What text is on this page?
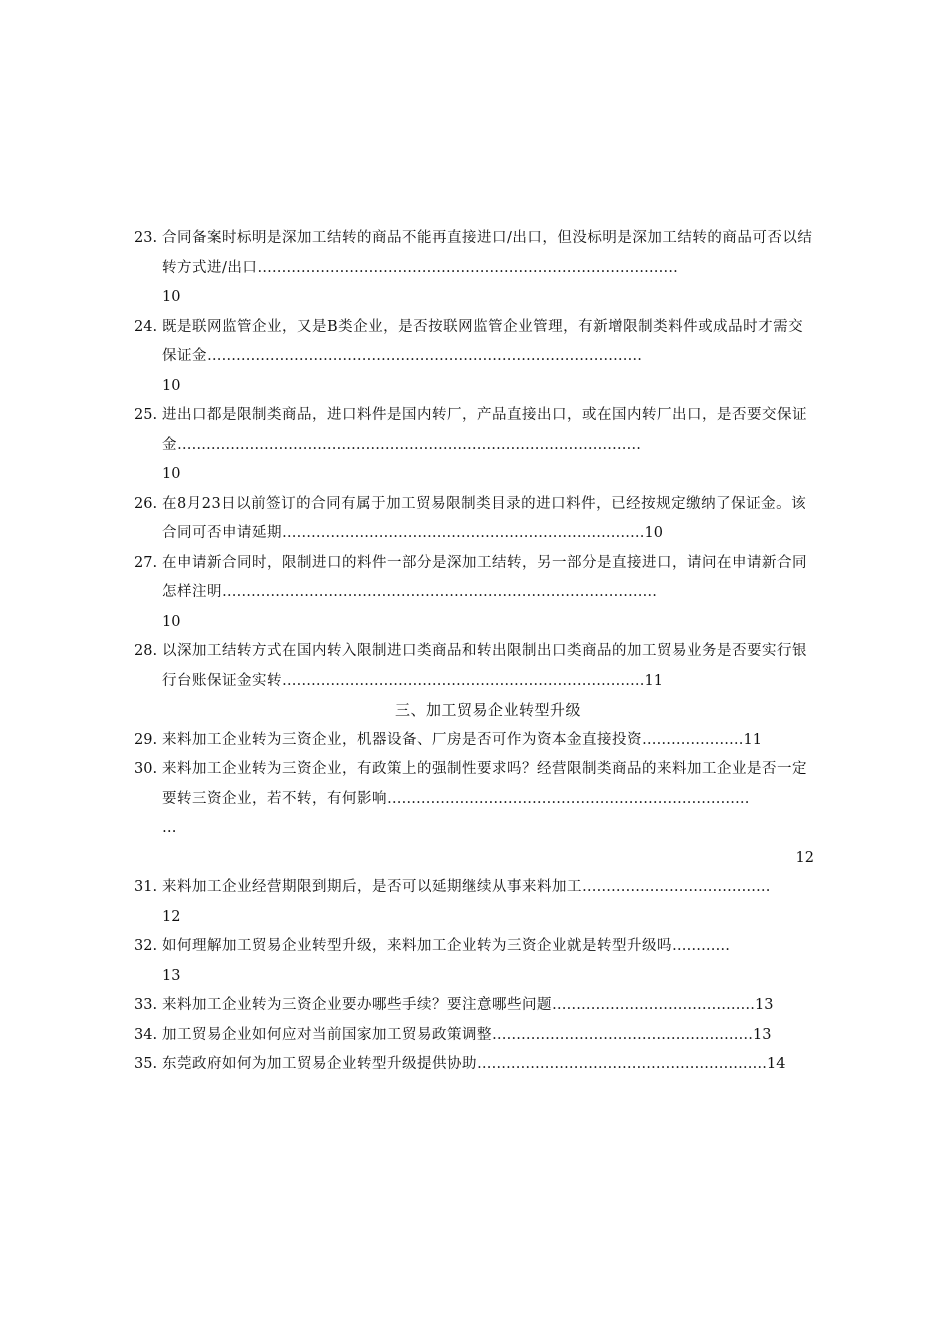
23. 合同备案时标明是深加工结转的商品不能再直接进口/出口，但没标明是深加工结转的商品可否以结转方式进/出口……………………………………………………………………………
10
24. 既是联网监管企业，又是B类企业，是否按联网监管企业管理，有新增限制类料件或成品时才需交保证金………………………………………………………………………………
10
25. 进出口都是限制类商品，进口料件是国内转厂，产品直接出口，或在国内转厂出口，是否要交保证金……………………………………………………………………………………
10
26. 在8月23日以前签订的合同有属于加工贸易限制类目录的进口料件，已经按规定缴纳了保证金。该合同可否申请延期…………………………………………………………………10
27. 在申请新合同时，限制进口的料件一部分是深加工结转，另一部分是直接进口，请问在申请新合同怎样注明………………………………………………………………………………
10
28. 以深加工结转方式在国内转入限制进口类商品和转出限制出口类商品的加工贸易业务是否要实行银行台账保证金实转…………………………………………………………………11
三、加工贸易企业转型升级
29. 来料加工企业转为三资企业，机器设备、厂房是否可作为资本金直接投资…………………11
30. 来料加工企业转为三资企业，有政策上的强制性要求吗？经营限制类商品的来料加工企业是否一定要转三资企业，若不转，有何影响…………………………………………………………………
…
12
31. 来料加工企业经营期限到期后，是否可以延期继续从事来料加工…………………………………
12
32. 如何理解加工贸易企业转型升级，来料加工企业转为三资企业就是转型升级吗…………
13
33. 来料加工企业转为三资企业要办哪些手续？要注意哪些问题……………………………………13
34. 加工贸易企业如何应对当前国家加工贸易政策调整………………………………………………13
35. 东莞政府如何为加工贸易企业转型升级提供协助……………………………………………………14
